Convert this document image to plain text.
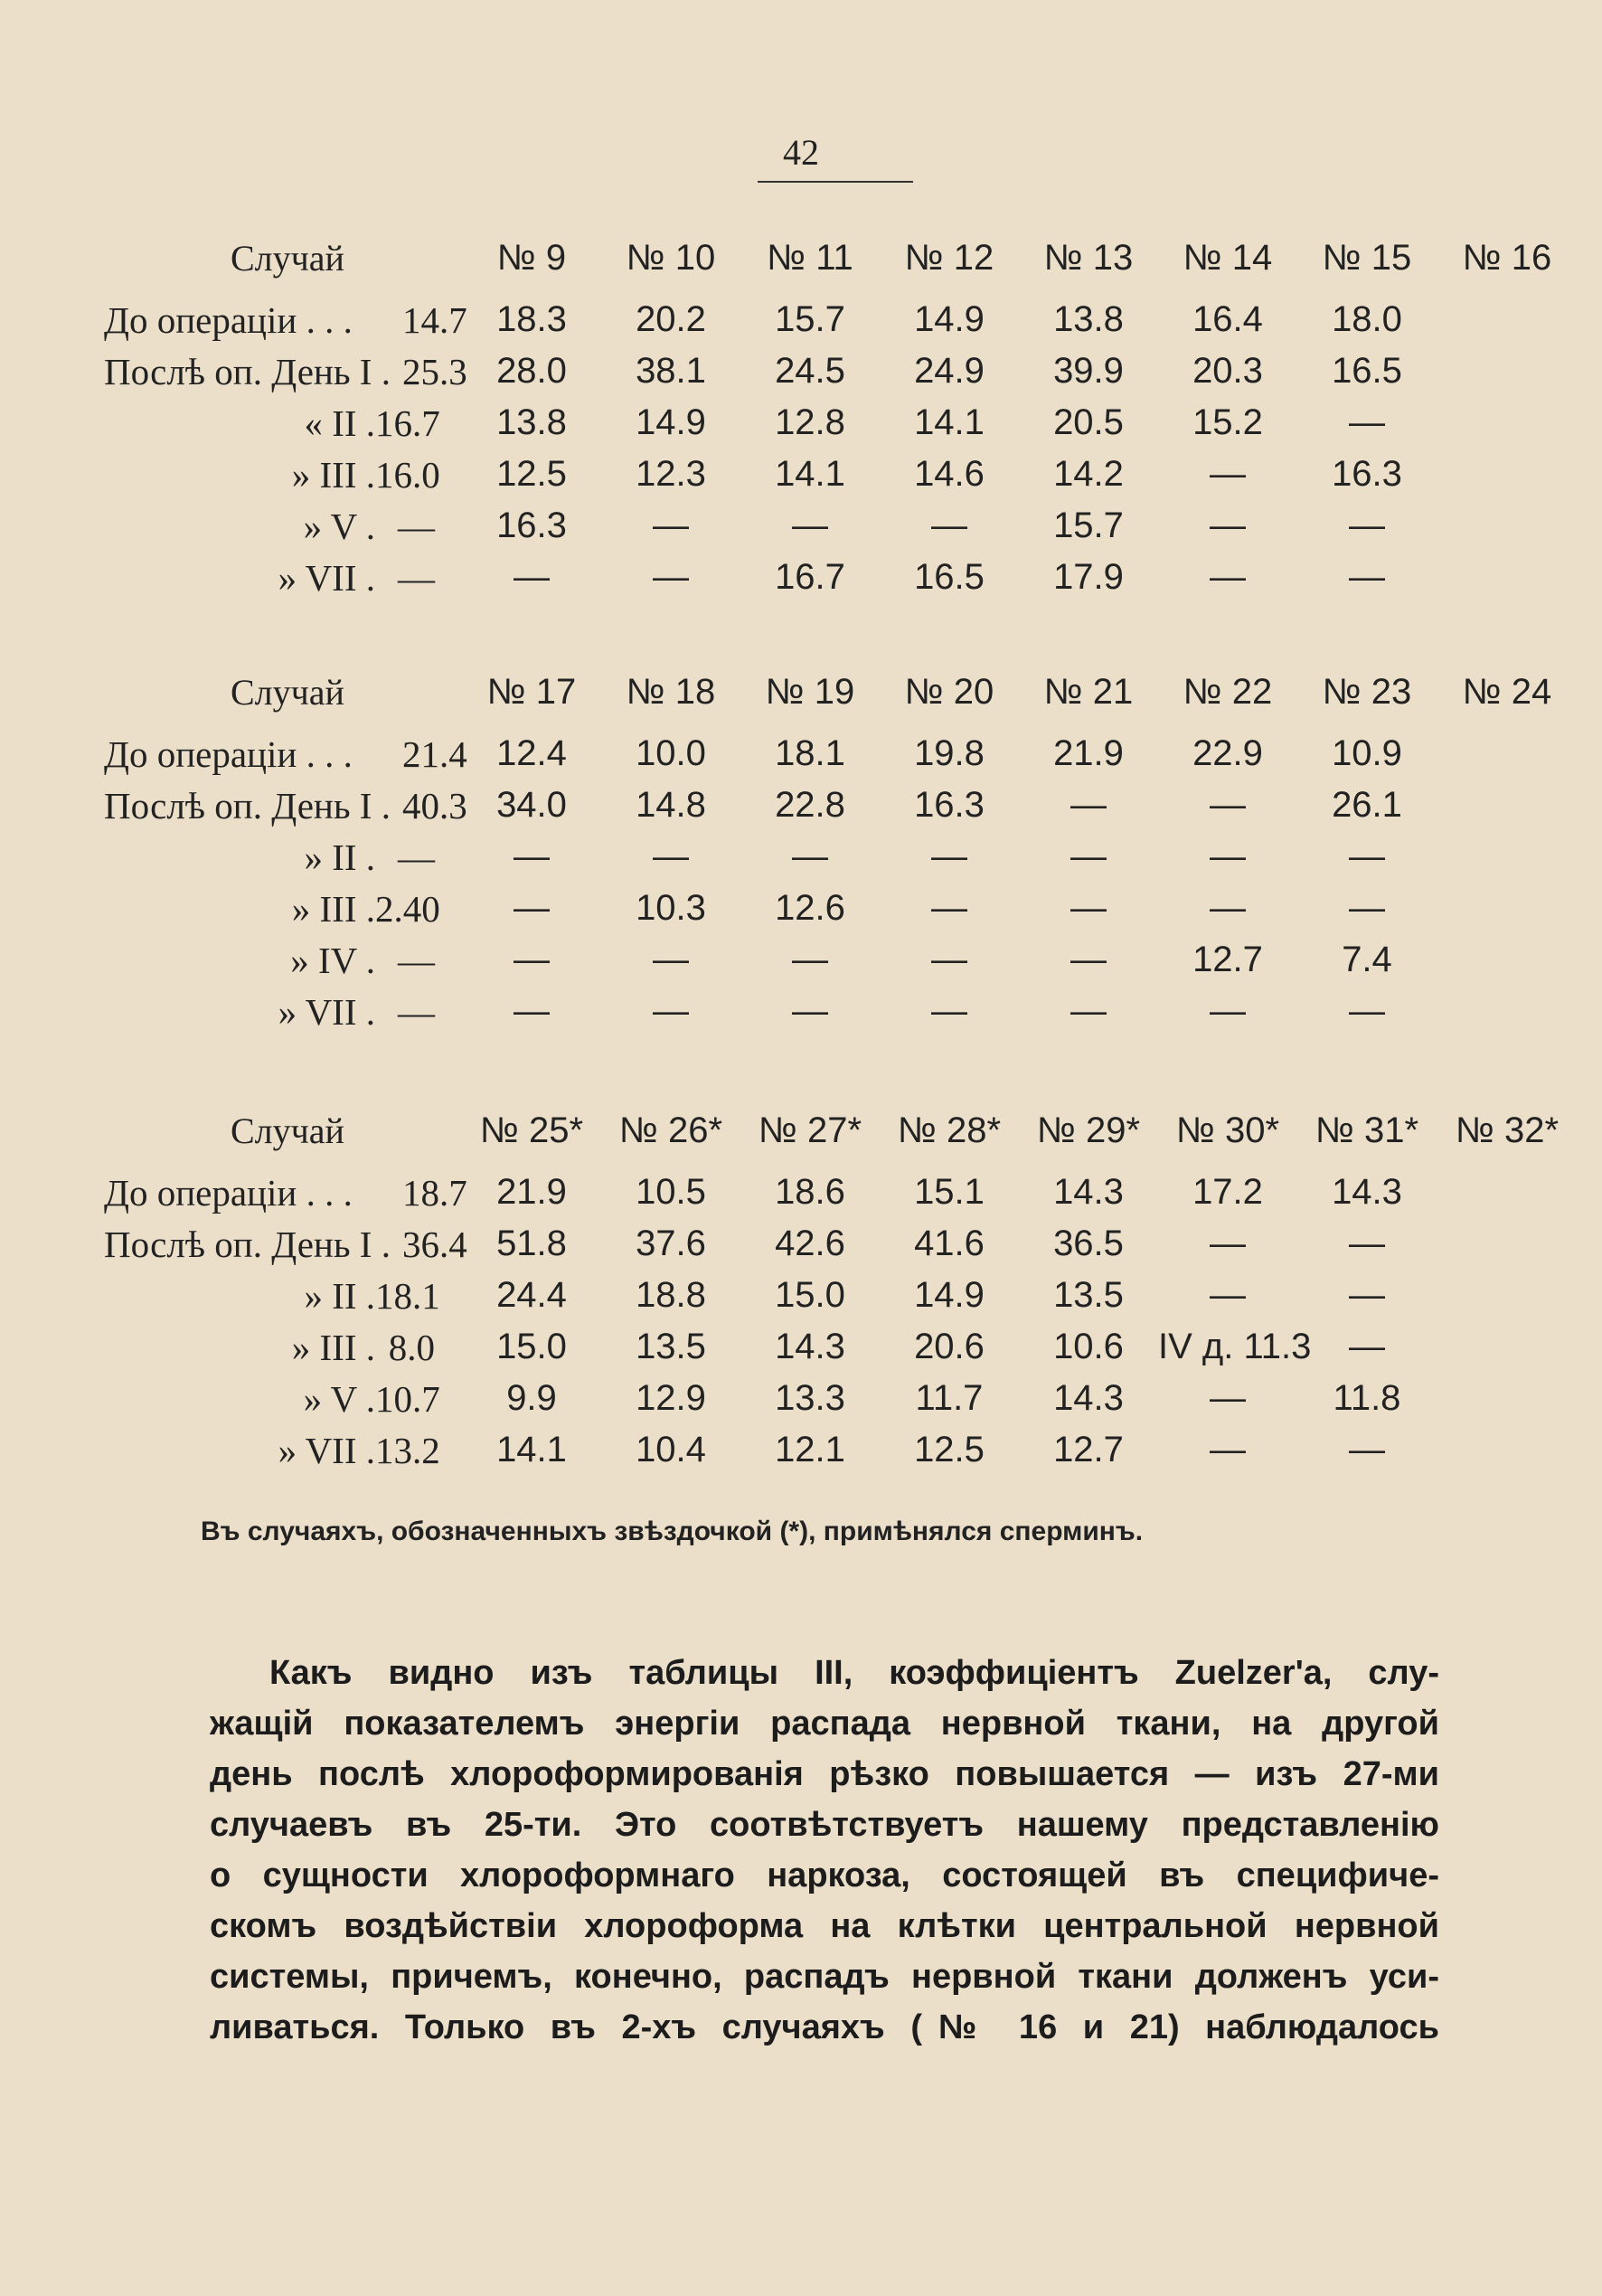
42
Случай	№ 9	№ 10	№ 11	№ 12	№ 13	№ 14	№ 15	№ 16
До операціи . . . 14.7	18.3	20.2	15.7	14.9	13.8	16.4	18.0	
Послѣ оп. День I . 25.3	28.0	38.1	24.5	24.9	39.9	20.3	16.5	
« II .16.7	13.8	14.9	12.8	14.1	20.5	15.2	—	
» III .16.0	12.5	12.3	14.1	14.6	14.2	—	16.3	
» V . —	16.3	—	—	—	15.7	—	—	
» VII . —	—	—	16.7	16.5	17.9	—	—	
Случай	№ 17	№ 18	№ 19	№ 20	№ 21	№ 22	№ 23	№ 24
До операціи . . . 21.4	12.4	10.0	18.1	19.8	21.9	22.9	10.9	
Послѣ оп. День I . 40.3	34.0	14.8	22.8	16.3	—	—	26.1	
» II . —	—	—	—	—	—	—	—	
» III .2.40	—	10.3	12.6	—	—	—	—	
» IV . —	—	—	—	—	—	12.7	7.4	
» VII . —	—	—	—	—	—	—	—	
Случай	№ 25*	№ 26*	№ 27*	№ 28*	№ 29*	№ 30*	№ 31*	№ 32*
До операціи . . . 18.7	21.9	10.5	18.6	15.1	14.3	17.2	14.3	
Послѣ оп. День I . 36.4	51.8	37.6	42.6	41.6	36.5	—	—	
» II .18.1	24.4	18.8	15.0	14.9	13.5	—	—	
» III . 8.0	15.0	13.5	14.3	20.6	10.6	IV д. 11.3	—	
» V .10.7	9.9	12.9	13.3	11.7	14.3	—	11.8	
» VII .13.2	14.1	10.4	12.1	12.5	12.7	—	—	
Въ случаяхъ, обозначенныхъ звѣздочкой (*), примѣнялся сперминъ.
Какъ видно изъ таблицы III, коэффиціентъ Zuelzer'a, слу-
жащій показателемъ энергіи распада нервной ткани, на другой
день послѣ хлороформированія рѣзко повышается — изъ 27-ми
случаевъ въ 25-ти. Это соотвѣтствуетъ нашему представленію
о сущности хлороформнаго наркоза, состоящей въ специфиче-
скомъ воздѣйствіи хлороформа на клѣтки центральной нервной
системы, причемъ, конечно, распадъ нервной ткани долженъ уси-
ливаться. Только въ 2-хъ случаяхъ (№ 16 и 21) наблюдалось
